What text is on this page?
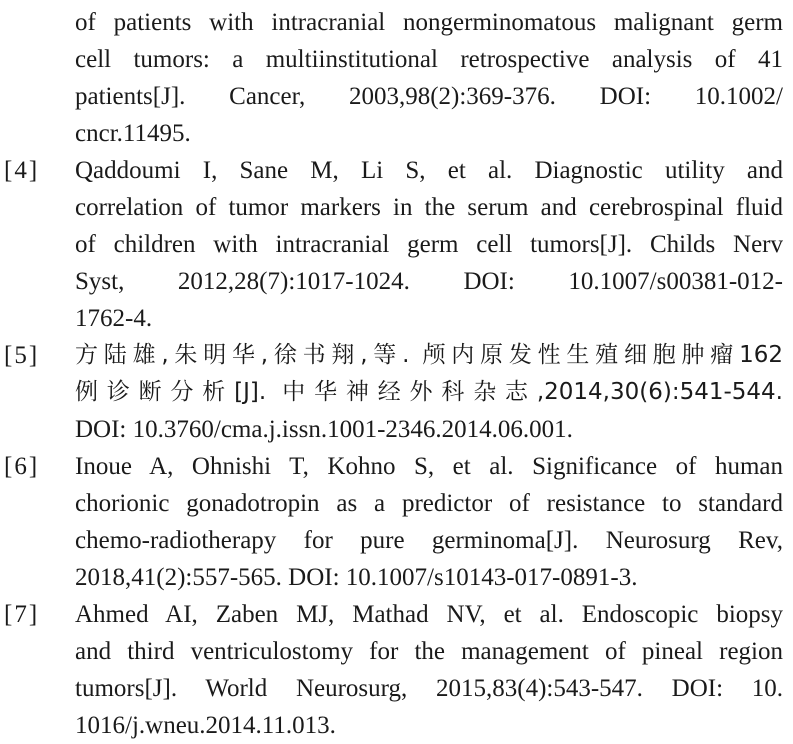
of patients with intracranial nongerminomatous malignant germ
cell tumors: a multiinstitutional retrospective analysis of 41
patients[J]. Cancer, 2003,98(2):369-376. DOI: 10.1002/
cncr.11495.
[4] Qaddoumi I, Sane M, Li S, et al. Diagnostic utility and
correlation of tumor markers in the serum and cerebrospinal fluid
of children with intracranial germ cell tumors[J]. Childs Nerv
Syst, 2012,28(7):1017-1024. DOI: 10.1007/s00381-012-
1762-4.
[5] 方陆雄,朱明华,徐书翔,等. 颅内原发性生殖细胞肿瘤162
例诊断分析[J]. 中华神经外科杂志,2014,30(6):541-544.
DOI: 10.3760/cma.j.issn.1001-2346.2014.06.001.
[6] Inoue A, Ohnishi T, Kohno S, et al. Significance of human
chorionic gonadotropin as a predictor of resistance to standard
chemo-radiotherapy for pure germinoma[J]. Neurosurg Rev,
2018,41(2):557-565. DOI: 10.1007/s10143-017-0891-3.
[7] Ahmed AI, Zaben MJ, Mathad NV, et al. Endoscopic biopsy
and third ventriculostomy for the management of pineal region
tumors[J]. World Neurosurg, 2015,83(4):543-547. DOI: 10.
1016/j.wneu.2014.11.013.
